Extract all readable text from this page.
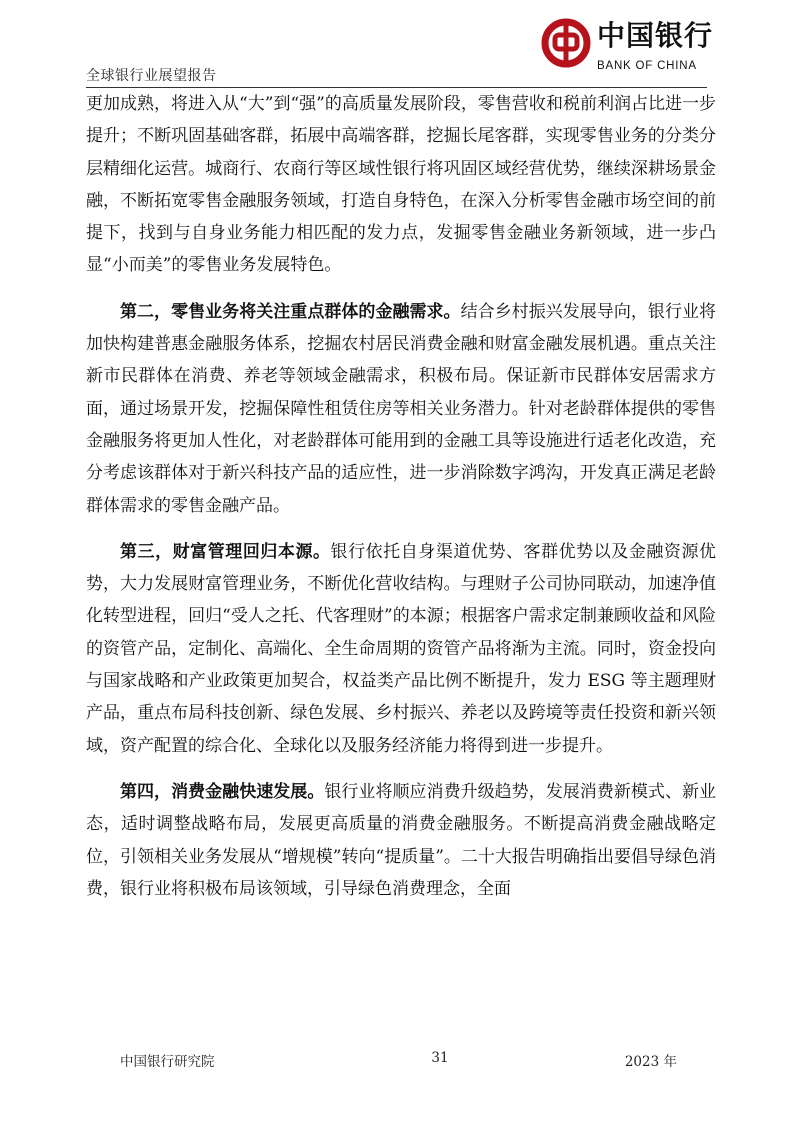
全球银行业展望报告
中国银行
BANK OF CHINA

更加成熟，将进入从“大”到“强”的高质量发展阶段，零售营收和税前利润占比进一步提升；不断巩固基础客群，拓展中高端客群，挖掘长尾客群，实现零售业务的分类分层精细化运营。城商行、农商行等区域性银行将巩固区域经营优势，继续深耕场景金融，不断拓宽零售金融服务领域，打造自身特色，在深入分析零售金融市场空间的前提下，找到与自身业务能力相匹配的发力点，发掘零售金融业务新领域，进一步凸显“小而美”的零售业务发展特色。

第二，零售业务将关注重点群体的金融需求。结合乡村振兴发展导向，银行业将加快构建普惠金融服务体系，挖掘农村居民消费金融和财富金融发展机遇。重点关注新市民群体在消费、养老等领域金融需求，积极布局。保证新市民群体安居需求方面，通过场景开发，挖掘保障性租赁住房等相关业务潜力。针对老龄群体提供的零售金融服务将更加人性化，对老龄群体可能用到的金融工具等设施进行适老化改造，充分考虑该群体对于新兴科技产品的适应性，进一步消除数字鸿沟，开发真正满足老龄群体需求的零售金融产品。

第三，财富管理回归本源。银行依托自身渠道优势、客群优势以及金融资源优势，大力发展财富管理业务，不断优化营收结构。与理财子公司协同联动，加速净值化转型进程，回归“受人之托、代客理财”的本源；根据客户需求定制兼顾收益和风险的资管产品，定制化、高端化、全生命周期的资管产品将渐为主流。同时，资金投向与国家战略和产业政策更加契合，权益类产品比例不断提升，发力 ESG 等主题理财产品，重点布局科技创新、绿色发展、乡村振兴、养老以及跨境等责任投资和新兴领域，资产配置的综合化、全球化以及服务经济能力将得到进一步提升。

第四，消费金融快速发展。银行业将顺应消费升级趋势，发展消费新模式、新业态，适时调整战略布局，发展更高质量的消费金融服务。不断提高消费金融战略定位，引领相关业务发展从“增规模”转向“提质量”。二十大报告明确指出要倡导绿色消费，银行业将积极布局该领域，引导绿色消费理念，全面

中国银行研究院	31	2023 年
